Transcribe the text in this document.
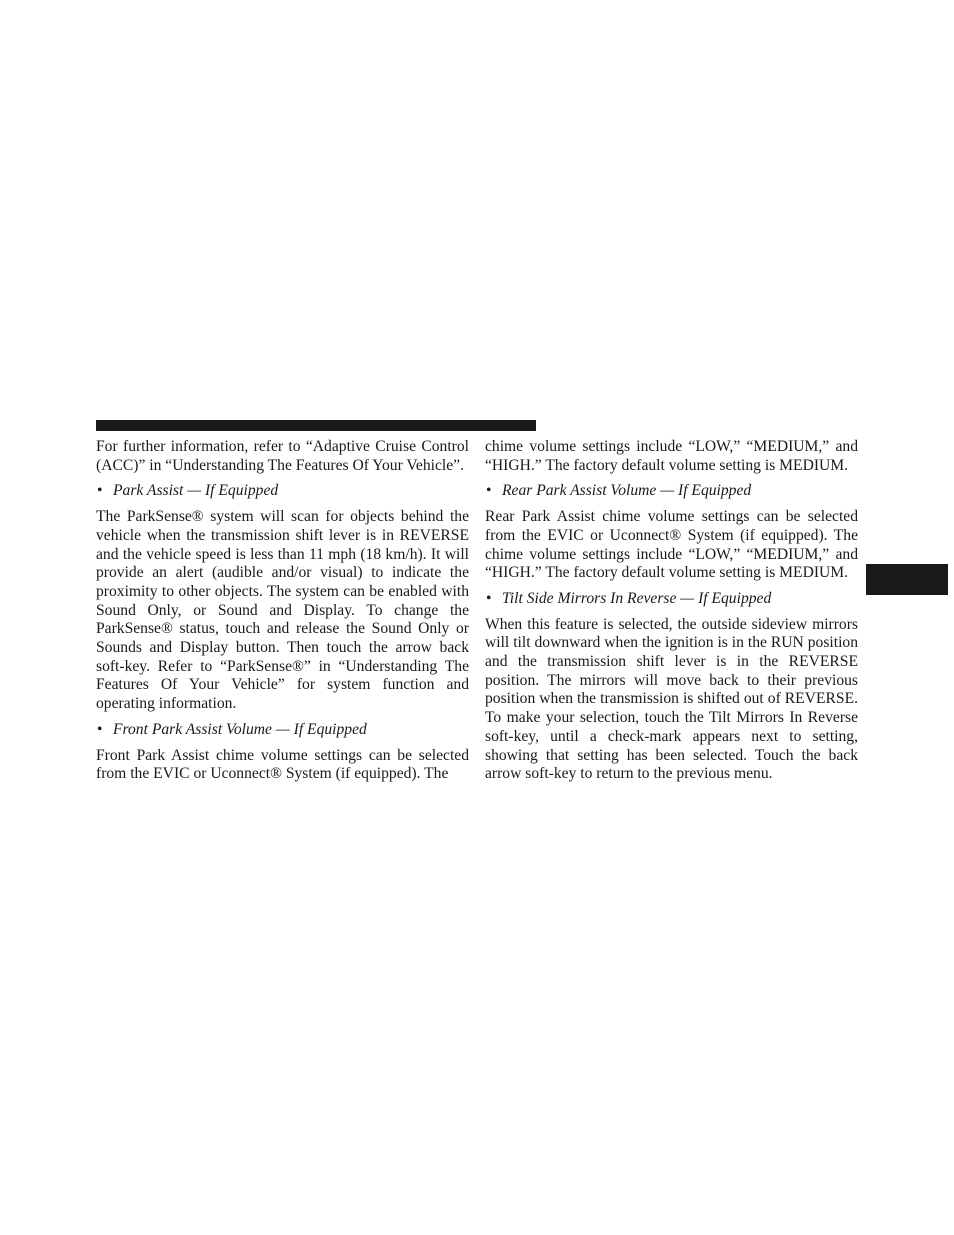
For further information, refer to “Adaptive Cruise Control (ACC)” in “Understanding The Features Of Your Vehicle”.

• Park Assist — If Equipped

The ParkSense® system will scan for objects behind the vehicle when the transmission shift lever is in REVERSE and the vehicle speed is less than 11 mph (18 km/h). It will provide an alert (audible and/or visual) to indicate the proximity to other objects. The system can be enabled with Sound Only, or Sound and Display. To change the ParkSense® status, touch and release the Sound Only or Sounds and Display button. Then touch the arrow back soft-key. Refer to “ParkSense®” in “Understanding The Features Of Your Vehicle” for system function and operating information.

• Front Park Assist Volume — If Equipped

Front Park Assist chime volume settings can be selected from the EVIC or Uconnect® System (if equipped). The

chime volume settings include “LOW,” “MEDIUM,” and “HIGH.” The factory default volume setting is MEDIUM.

• Rear Park Assist Volume — If Equipped

Rear Park Assist chime volume settings can be selected from the EVIC or Uconnect® System (if equipped). The chime volume settings include “LOW,” “MEDIUM,” and “HIGH.” The factory default volume setting is MEDIUM.

• Tilt Side Mirrors In Reverse — If Equipped

When this feature is selected, the outside sideview mirrors will tilt downward when the ignition is in the RUN position and the transmission shift lever is in the REVERSE position. The mirrors will move back to their previous position when the transmission is shifted out of REVERSE. To make your selection, touch the Tilt Mirrors In Reverse soft-key, until a check-mark appears next to setting, showing that setting has been selected. Touch the back arrow soft-key to return to the previous menu.
